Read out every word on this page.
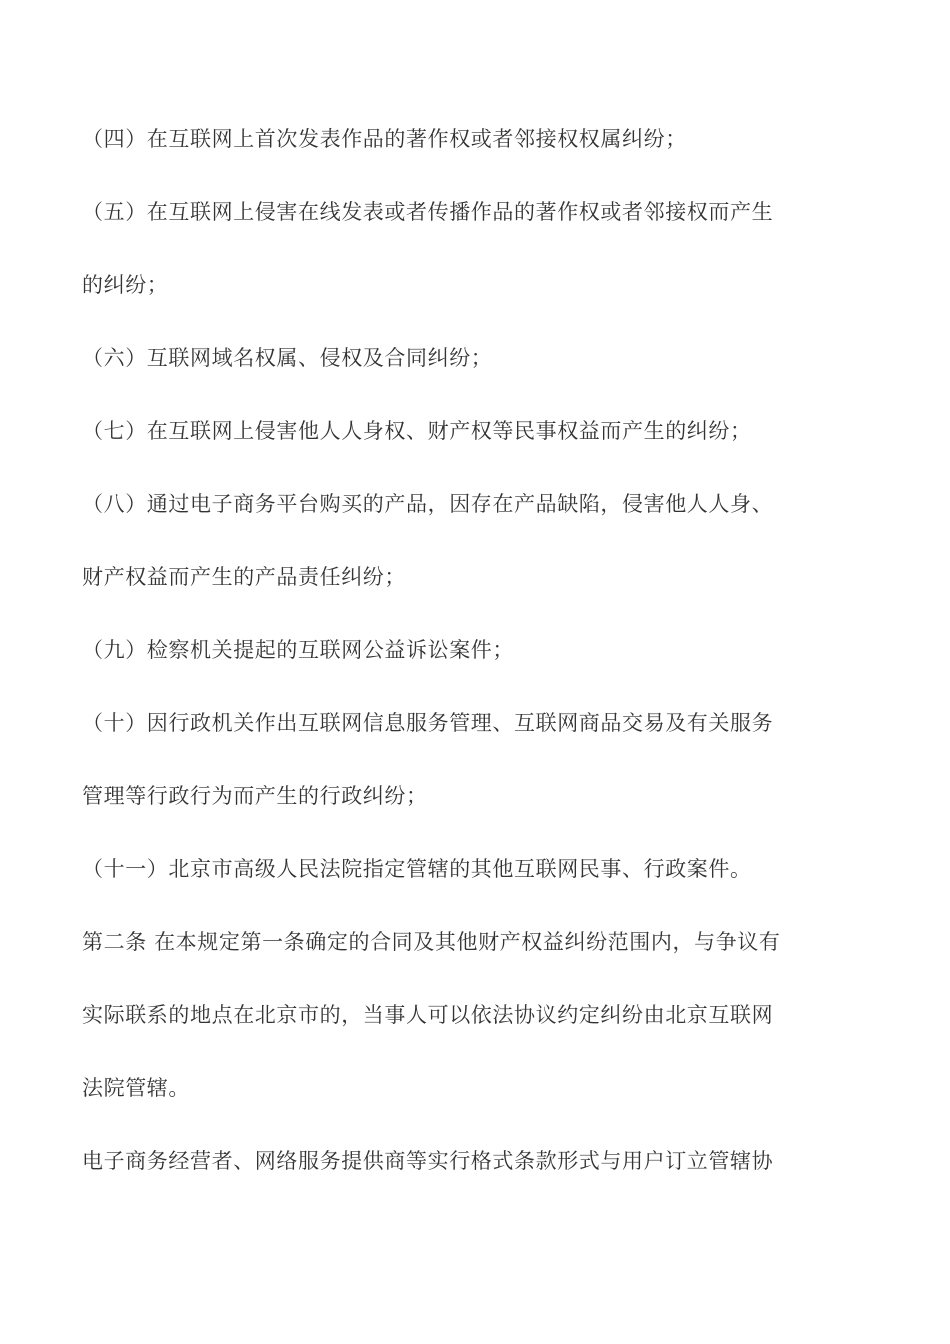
（四）在互联网上首次发表作品的著作权或者邻接权权属纠纷；
（五）在互联网上侵害在线发表或者传播作品的著作权或者邻接权而产生
的纠纷；
（六）互联网域名权属、侵权及合同纠纷；
（七）在互联网上侵害他人人身权、财产权等民事权益而产生的纠纷；
（八）通过电子商务平台购买的产品，因存在产品缺陷，侵害他人人身、
财产权益而产生的产品责任纠纷；
（九）检察机关提起的互联网公益诉讼案件；
（十）因行政机关作出互联网信息服务管理、互联网商品交易及有关服务
管理等行政行为而产生的行政纠纷；
（十一）北京市高级人民法院指定管辖的其他互联网民事、行政案件。
第二条 在本规定第一条确定的合同及其他财产权益纠纷范围内，与争议有
实际联系的地点在北京市的，当事人可以依法协议约定纠纷由北京互联网
法院管辖。
电子商务经营者、网络服务提供商等实行格式条款形式与用户订立管辖协
